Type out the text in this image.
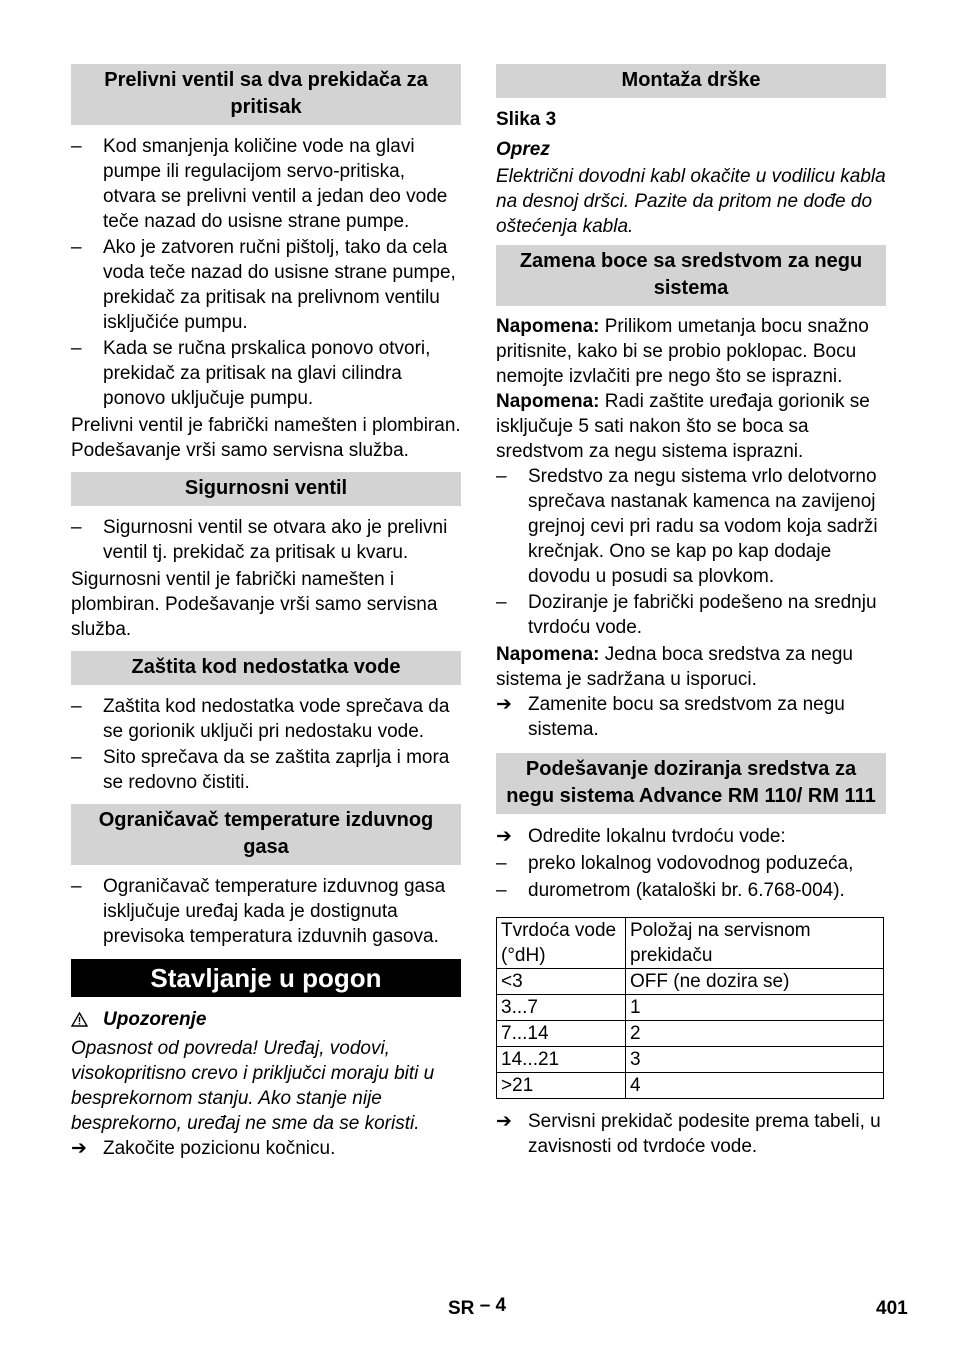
Prelivni ventil sa dva prekidača za pritisak
– Kod smanjenja količine vode na glavi pumpe ili regulacijom servo-pritiska, otvara se prelivni ventil a jedan deo vode teče nazad do usisne strane pumpe.
– Ako je zatvoren ručni pištolj, tako da cela voda teče nazad do usisne strane pumpe, prekidač za pritisak na prelivnom ventilu isključiće pumpu.
– Kada se ručna prskalica ponovo otvori, prekidač za pritisak na glavi cilindra ponovo uključuje pumpu.

Prelivni ventil je fabrički namešten i plombiran. Podešavanje vrši samo servisna služba.

Sigurnosni ventil
– Sigurnosni ventil se otvara ako je prelivni ventil tj. prekidač za pritisak u kvaru.

Sigurnosni ventil je fabrički namešten i plombiran. Podešavanje vrši samo servisna služba.

Zaštita kod nedostatka vode
– Zaštita kod nedostatka vode sprečava da se gorionik uključi pri nedostaku vode.
– Sito sprečava da se zaštita zaprlja i mora se redovno čistiti.
Ograničavač temperature izduvnog gasa
– Ograničavač temperature izduvnog gasa isključuje uređaj kada je dostignuta previsoka temperatura izduvnih gasova.
Stavljanje u pogon
Upozorenje

Opasnost od povreda! Uređaj, vodovi, visokopritisno crevo i priključci moraju biti u besprekornom stanju. Ako stanje nije besprekorno, uređaj ne sme da se koristi.

➔ Zakočite pozicionu kočnicu.
Montaža drške

Slika 3

Oprez

Električni dovodni kabl okačite u vodilicu kabla na desnoj dršci. Pazite da pritom ne dođe do oštećenja kabla.

Zamena boce sa sredstvom za negu sistema

Napomena: Prilikom umetanja bocu snažno pritisnite, kako bi se probio poklopac. Bocu nemojte izvlačiti pre nego što se isprazni.

Napomena: Radi zaštite uređaja gorionik se isključuje 5 sati nakon što se boca sa sredstvom za negu sistema isprazni.

– Sredstvo za negu sistema vrlo delotvorno sprečava nastanak kamenca na zavijenoj grejnoj cevi pri radu sa vodom koja sadrži krečnjak. Ono se kap po kap dodaje dovodu u posudi sa plovkom.
– Doziranje je fabrički podešeno na srednju tvrdoću vode.

Napomena: Jedna boca sredstva za negu sistema je sadržana u isporuci.

➔ Zamenite bocu sa sredstvom za negu sistema.
Podešavanje doziranja sredstva za negu sistema Advance RM 110/ RM 111
➔ Odredite lokalnu tvrdoću vode:
– preko lokalnog vodovodnog poduzeća,
– durometrom (kataloški br. 6.768-004).
Tvrdoća vode (°dH)	Položaj na servisnom prekidaču
<3	OFF (ne dozira se)
3...7	1
7...14	2
14...21	3
>21	4
➔ Servisni prekidač podesite prema tabeli, u zavisnosti od tvrdoće vode.
SR – 4	401
